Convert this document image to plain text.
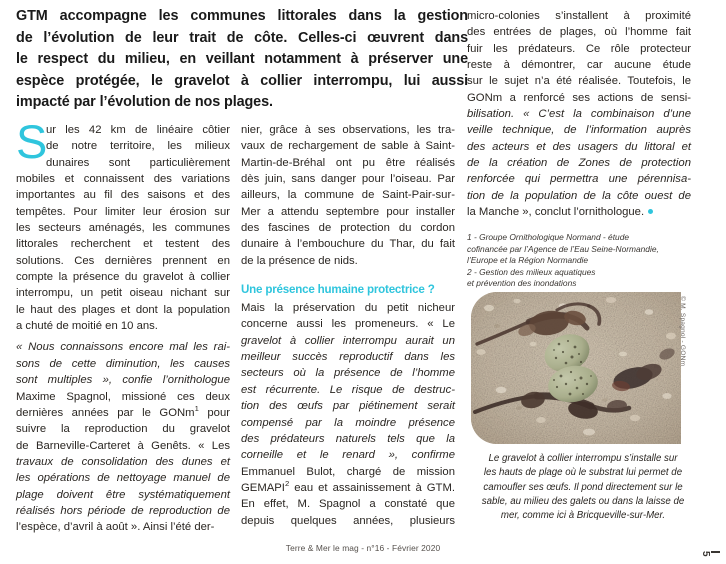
GTM accompagne les communes littorales dans la gestion
de l’évolution de leur trait de côte. Celles-ci œuvrent dans
le respect du milieu, en veillant notamment à préserver une
espèce protégée, le gravelot à collier interrompu, lui aussi
impacté par l’évolution de nos plages.
S
ur les 42 km de linéaire côtier
de notre territoire, les milieux
dunaires sont particulièrement
mobiles et connaissent des variations
importantes au fil des saisons et des
tempêtes. Pour limiter leur érosion sur
les secteurs aménagés, les communes
littorales recherchent et testent des
solutions. Ces dernières prennent en
compte la présence du gravelot à collier
interrompu, un petit oiseau nichant sur
le haut des plages et dont la population
a chuté de moitié en 10 ans.
« Nous connaissons encore mal les rai-
sons de cette diminution, les causes
sont multiples », confie l’ornithologue
Maxime Spagnol, missioné ces deux
dernières années par le GONm$^1$ pour
suivre la reproduction du gravelot
de Barneville-Carteret à Genêts. « Les
travaux de consolidation des dunes et
les opérations de nettoyage manuel de
plage doivent être systématiquement
réalisés hors période de reproduction de
l’espèce, d’avril à août ». Ainsi l’été der-
nier, grâce à ses observations, les tra-
vaux de rechargement de sable à Saint-
Martin-de-Bréhal ont pu être réalisés
dès juin, sans danger pour l’oiseau. Par
ailleurs, la commune de Saint-Pair-sur-
Mer a attendu septembre pour installer
des fascines de protection du cordon
dunaire à l’embouchure du Thar, du fait
de la présence de nids.
Une présence humaine protectrice ?
Mais la préservation du petit nicheur
concerne aussi les promeneurs. « Le
gravelot à collier interrompu aurait un
meilleur succès reproductif dans les
secteurs où la présence de l’homme
est récurrente. Le risque de destruc-
tion des œufs par piétinement serait
compensé par la moindre présence
des prédateurs naturels tels que la
corneille et le renard », confirme
Emmanuel Bulot, chargé de mission
GEMAPI$^2$ eau et assainissement à GTM.
En effet, M. Spagnol a constaté que
depuis quelques années, plusieurs
micro-colonies s’installent à proximité
des entrées de plages, où l’homme fait
fuir les prédateurs. Ce rôle protecteur
reste à démontrer, car aucune étude
sur le sujet n’a été réalisée. Toutefois, le
GONm a renforcé ses actions de sensi-
bilisation. « C’est la combinaison d’une
veille technique, de l’information auprès
des acteurs et des usagers du littoral et
de la création de Zones de protection
renforcée qui permettra une pérennisa-
tion de la population de la côte ouest de
la Manche », conclut l’ornithologue.
1 - Groupe Ornithologique Normand - étude
cofinancée par l’Agence de l’Eau Seine-Normandie,
l’Europe et la Région Normandie
2 - Gestion des milieux aquatiques
et prévention des inondations
© M. Spagnol - GONm
Le gravelot à collier interrompu s’installe sur
les hauts de plage où le substrat lui permet de
camoufler ses œufs. Il pond directement sur le
sable, au milieu des galets ou dans la laisse de
mer, comme ici à Bricqueville-sur-Mer.
Terre & Mer le mag - n°16 - Février 2020
5
